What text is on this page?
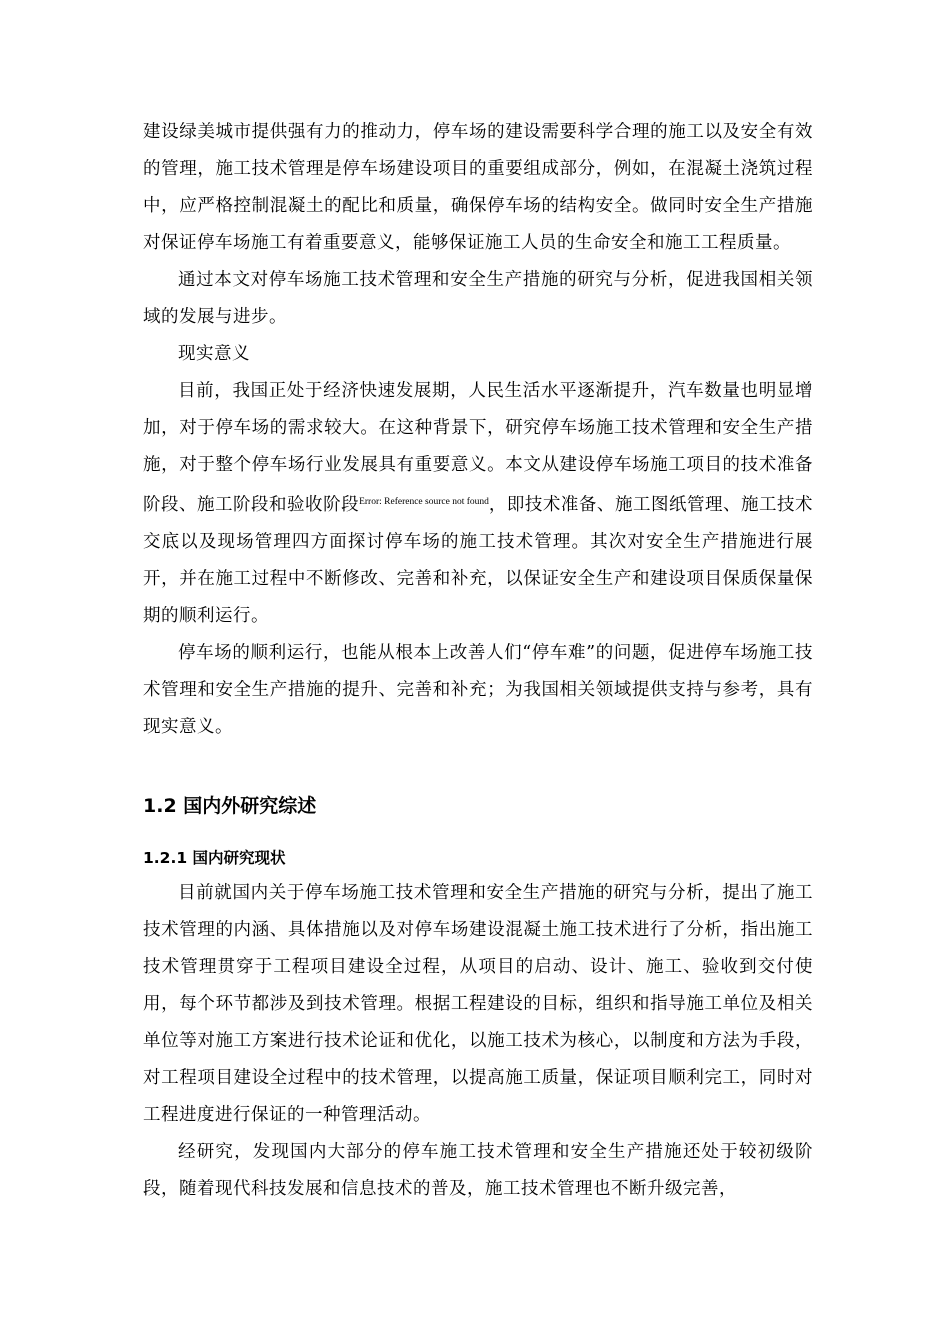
建设绿美城市提供强有力的推动力，停车场的建设需要科学合理的施工以及安全有效的管理，施工技术管理是停车场建设项目的重要组成部分，例如，在混凝土浇筑过程中，应严格控制混凝土的配比和质量，确保停车场的结构安全。做同时安全生产措施对保证停车场施工有着重要意义，能够保证施工人员的生命安全和施工工程质量。

通过本文对停车场施工技术管理和安全生产措施的研究与分析，促进我国相关领域的发展与进步。

现实意义

目前，我国正处于经济快速发展期，人民生活水平逐渐提升，汽车数量也明显增加，对于停车场的需求较大。在这种背景下，研究停车场施工技术管理和安全生产措施，对于整个停车场行业发展具有重要意义。本文从建设停车场施工项目的技术准备阶段、施工阶段和验收阶段$^{Error: Reference source not found}$，即技术准备、施工图纸管理、施工技术交底以及现场管理四方面探讨停车场的施工技术管理。其次对安全生产措施进行展开，并在施工过程中不断修改、完善和补充，以保证安全生产和建设项目保质保量保期的顺利运行。

停车场的顺利运行，也能从根本上改善人们“停车难”的问题，促进停车场施工技术管理和安全生产措施的提升、完善和补充；为我国相关领域提供支持与参考，具有现实意义。

1.2 国内外研究综述
1.2.1 国内研究现状

目前就国内关于停车场施工技术管理和安全生产措施的研究与分析，提出了施工技术管理的内涵、具体措施以及对停车场建设混凝土施工技术进行了分析，指出施工技术管理贯穿于工程项目建设全过程，从项目的启动、设计、施工、验收到交付使用，每个环节都涉及到技术管理。根据工程建设的目标，组织和指导施工单位及相关单位等对施工方案进行技术论证和优化，以施工技术为核心，以制度和方法为手段，对工程项目建设全过程中的技术管理，以提高施工质量，保证项目顺利完工，同时对工程进度进行保证的一种管理活动。

经研究，发现国内大部分的停车施工技术管理和安全生产措施还处于较初级阶段，随着现代科技发展和信息技术的普及，施工技术管理也不断升级完善，
